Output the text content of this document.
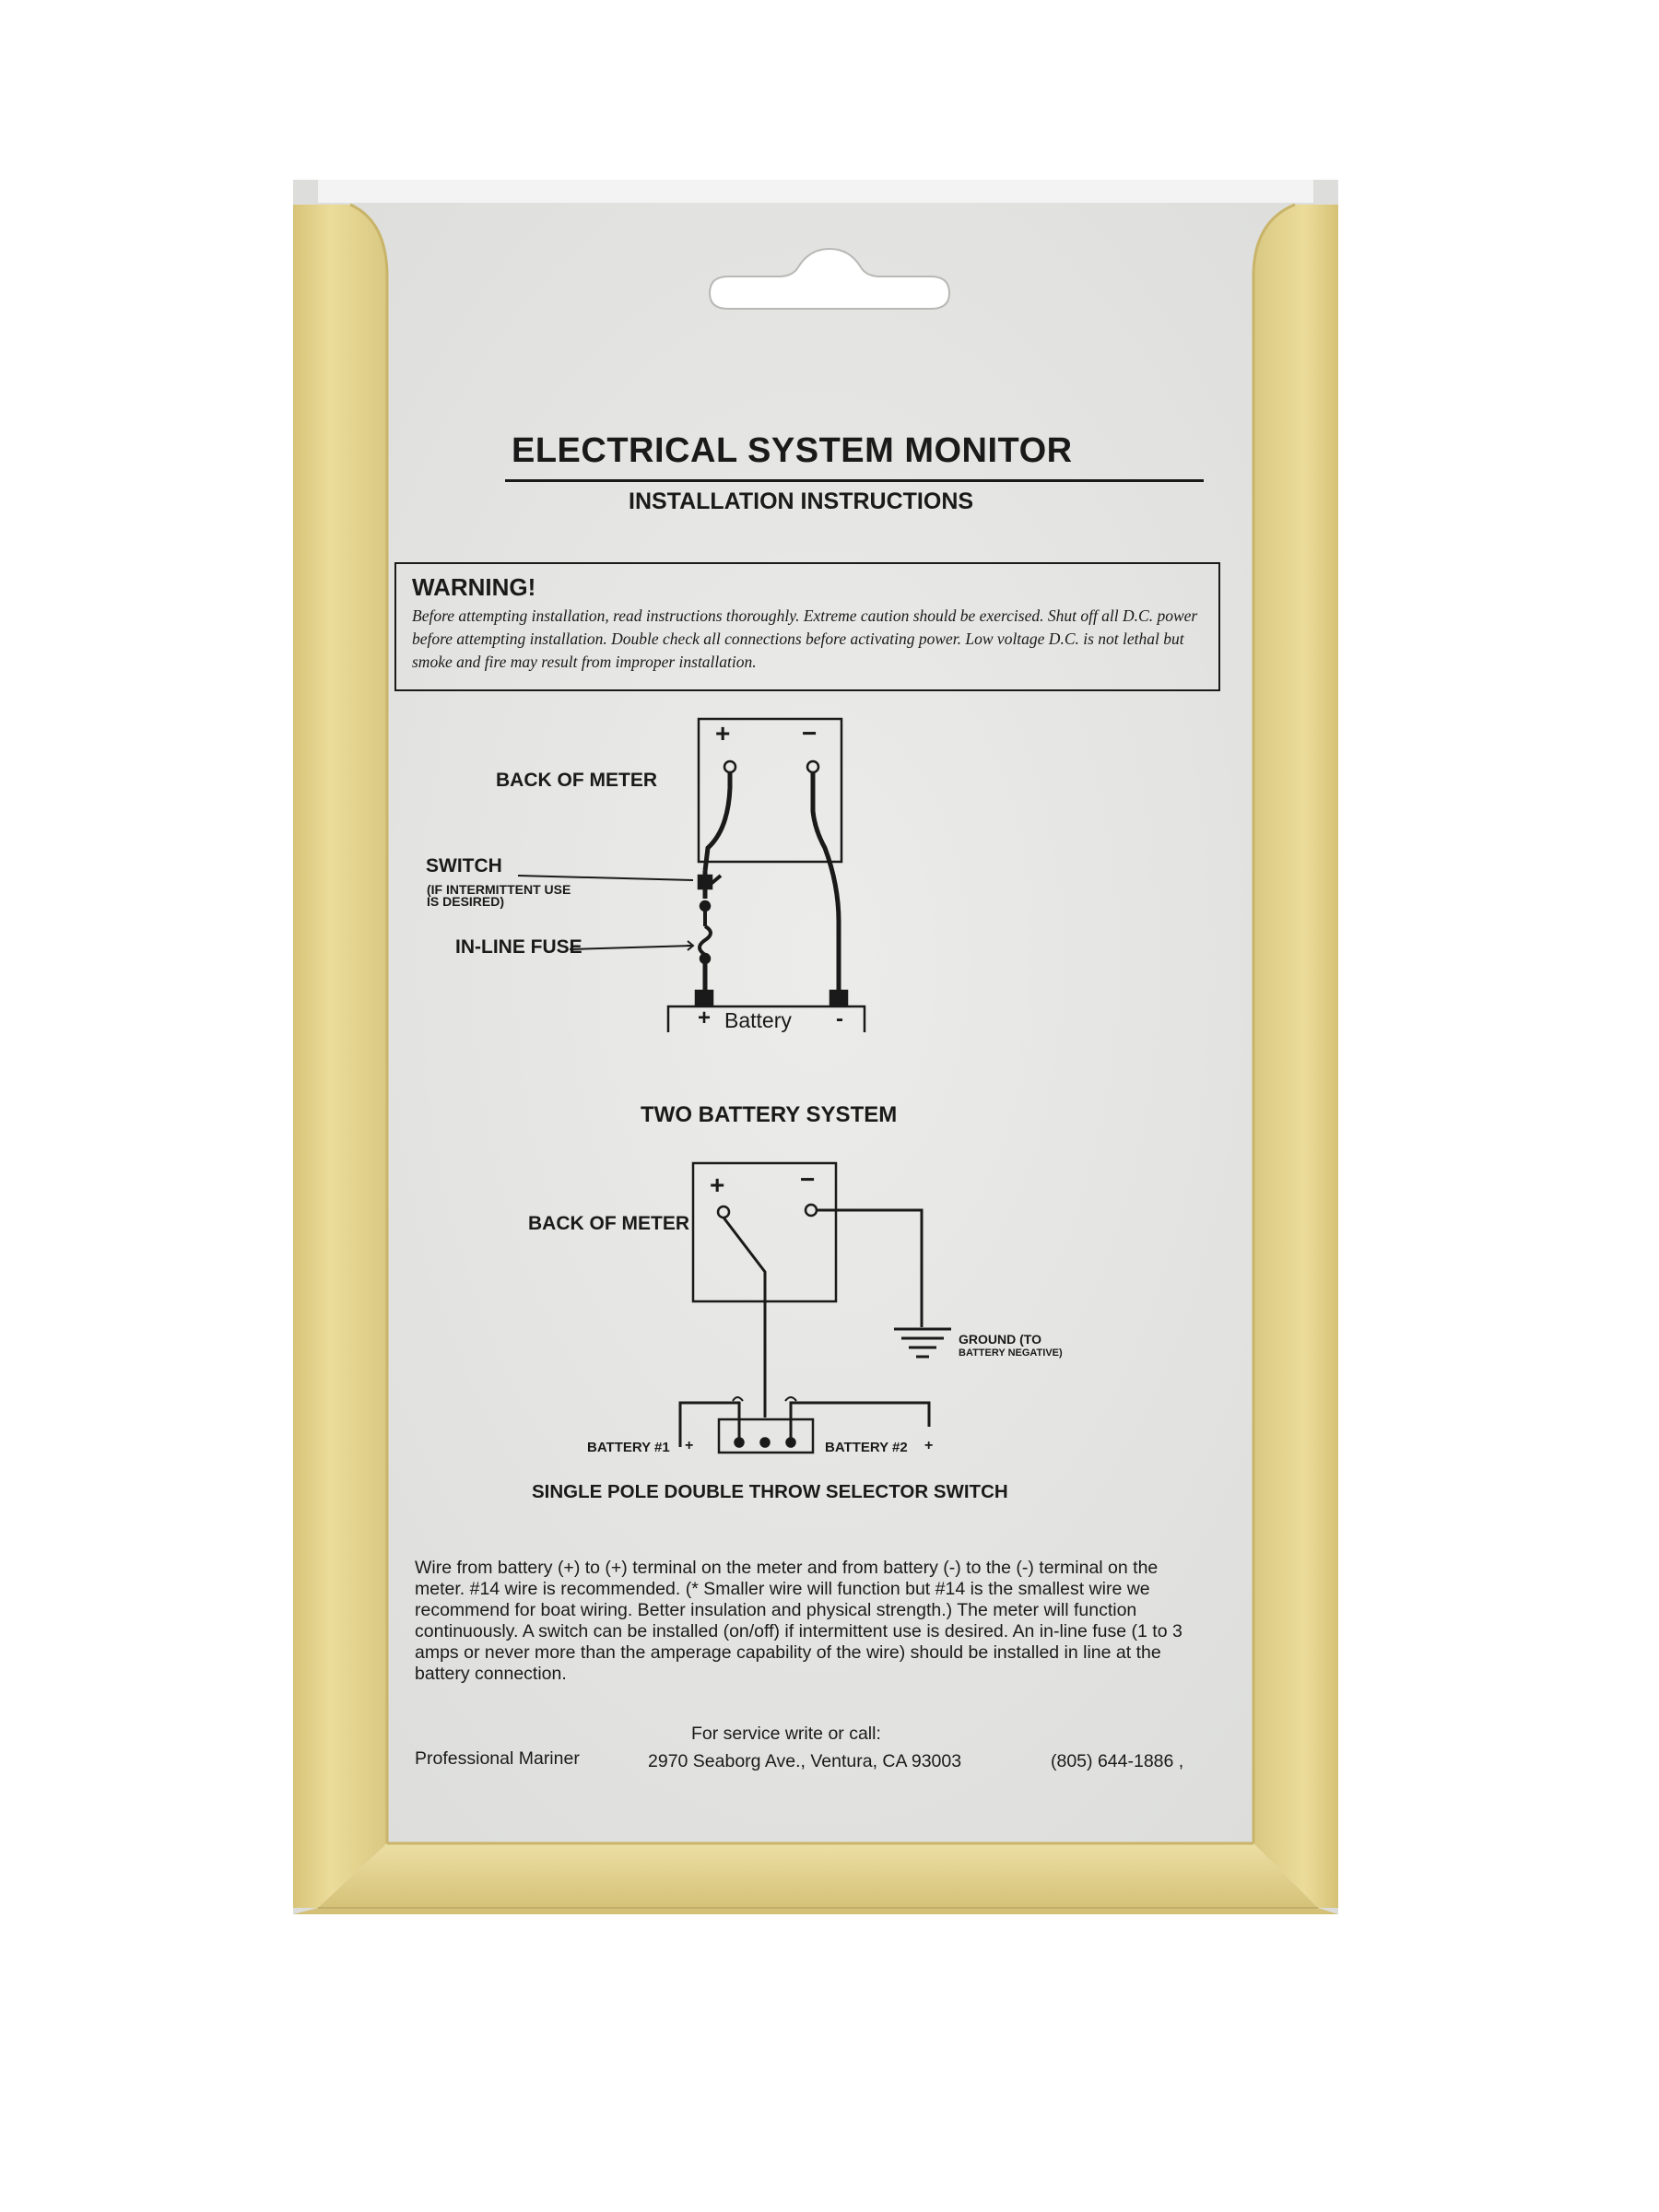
ELECTRICAL SYSTEM MONITOR
INSTALLATION INSTRUCTIONS
WARNING!
Before attempting installation, read instructions thoroughly. Extreme caution should be exercised. Shut off all D.C. power before attempting installation. Double check all connections before activating power. Low voltage D.C. is not lethal but smoke and fire may result from improper installation.
+	−
BACK OF METER
SWITCH
(IF INTERMITTENT USE
IS DESIRED)
IN-LINE FUSE
+ Battery -
TWO BATTERY SYSTEM
+	−
BACK OF METER
GROUND (TO
BATTERY NEGATIVE)
BATTERY #1 +	BATTERY #2 +
SINGLE POLE DOUBLE THROW SELECTOR SWITCH
Wire from battery (+) to (+) terminal on the meter and from battery (-) to the (-) terminal on the meter. #14 wire is recommended. (* Smaller wire will function but #14 is the smallest wire we recommend for boat wiring. Better insulation and physical strength.) The meter will function continuously. A switch can be installed (on/off) if intermittent use is desired. An in-line fuse (1 to 3 amps or never more than the amperage capability of the wire) should be installed in line at the battery connection.
For service write or call:
Professional Mariner	2970 Seaborg Ave., Ventura, CA 93003	(805) 644-1886 ,
